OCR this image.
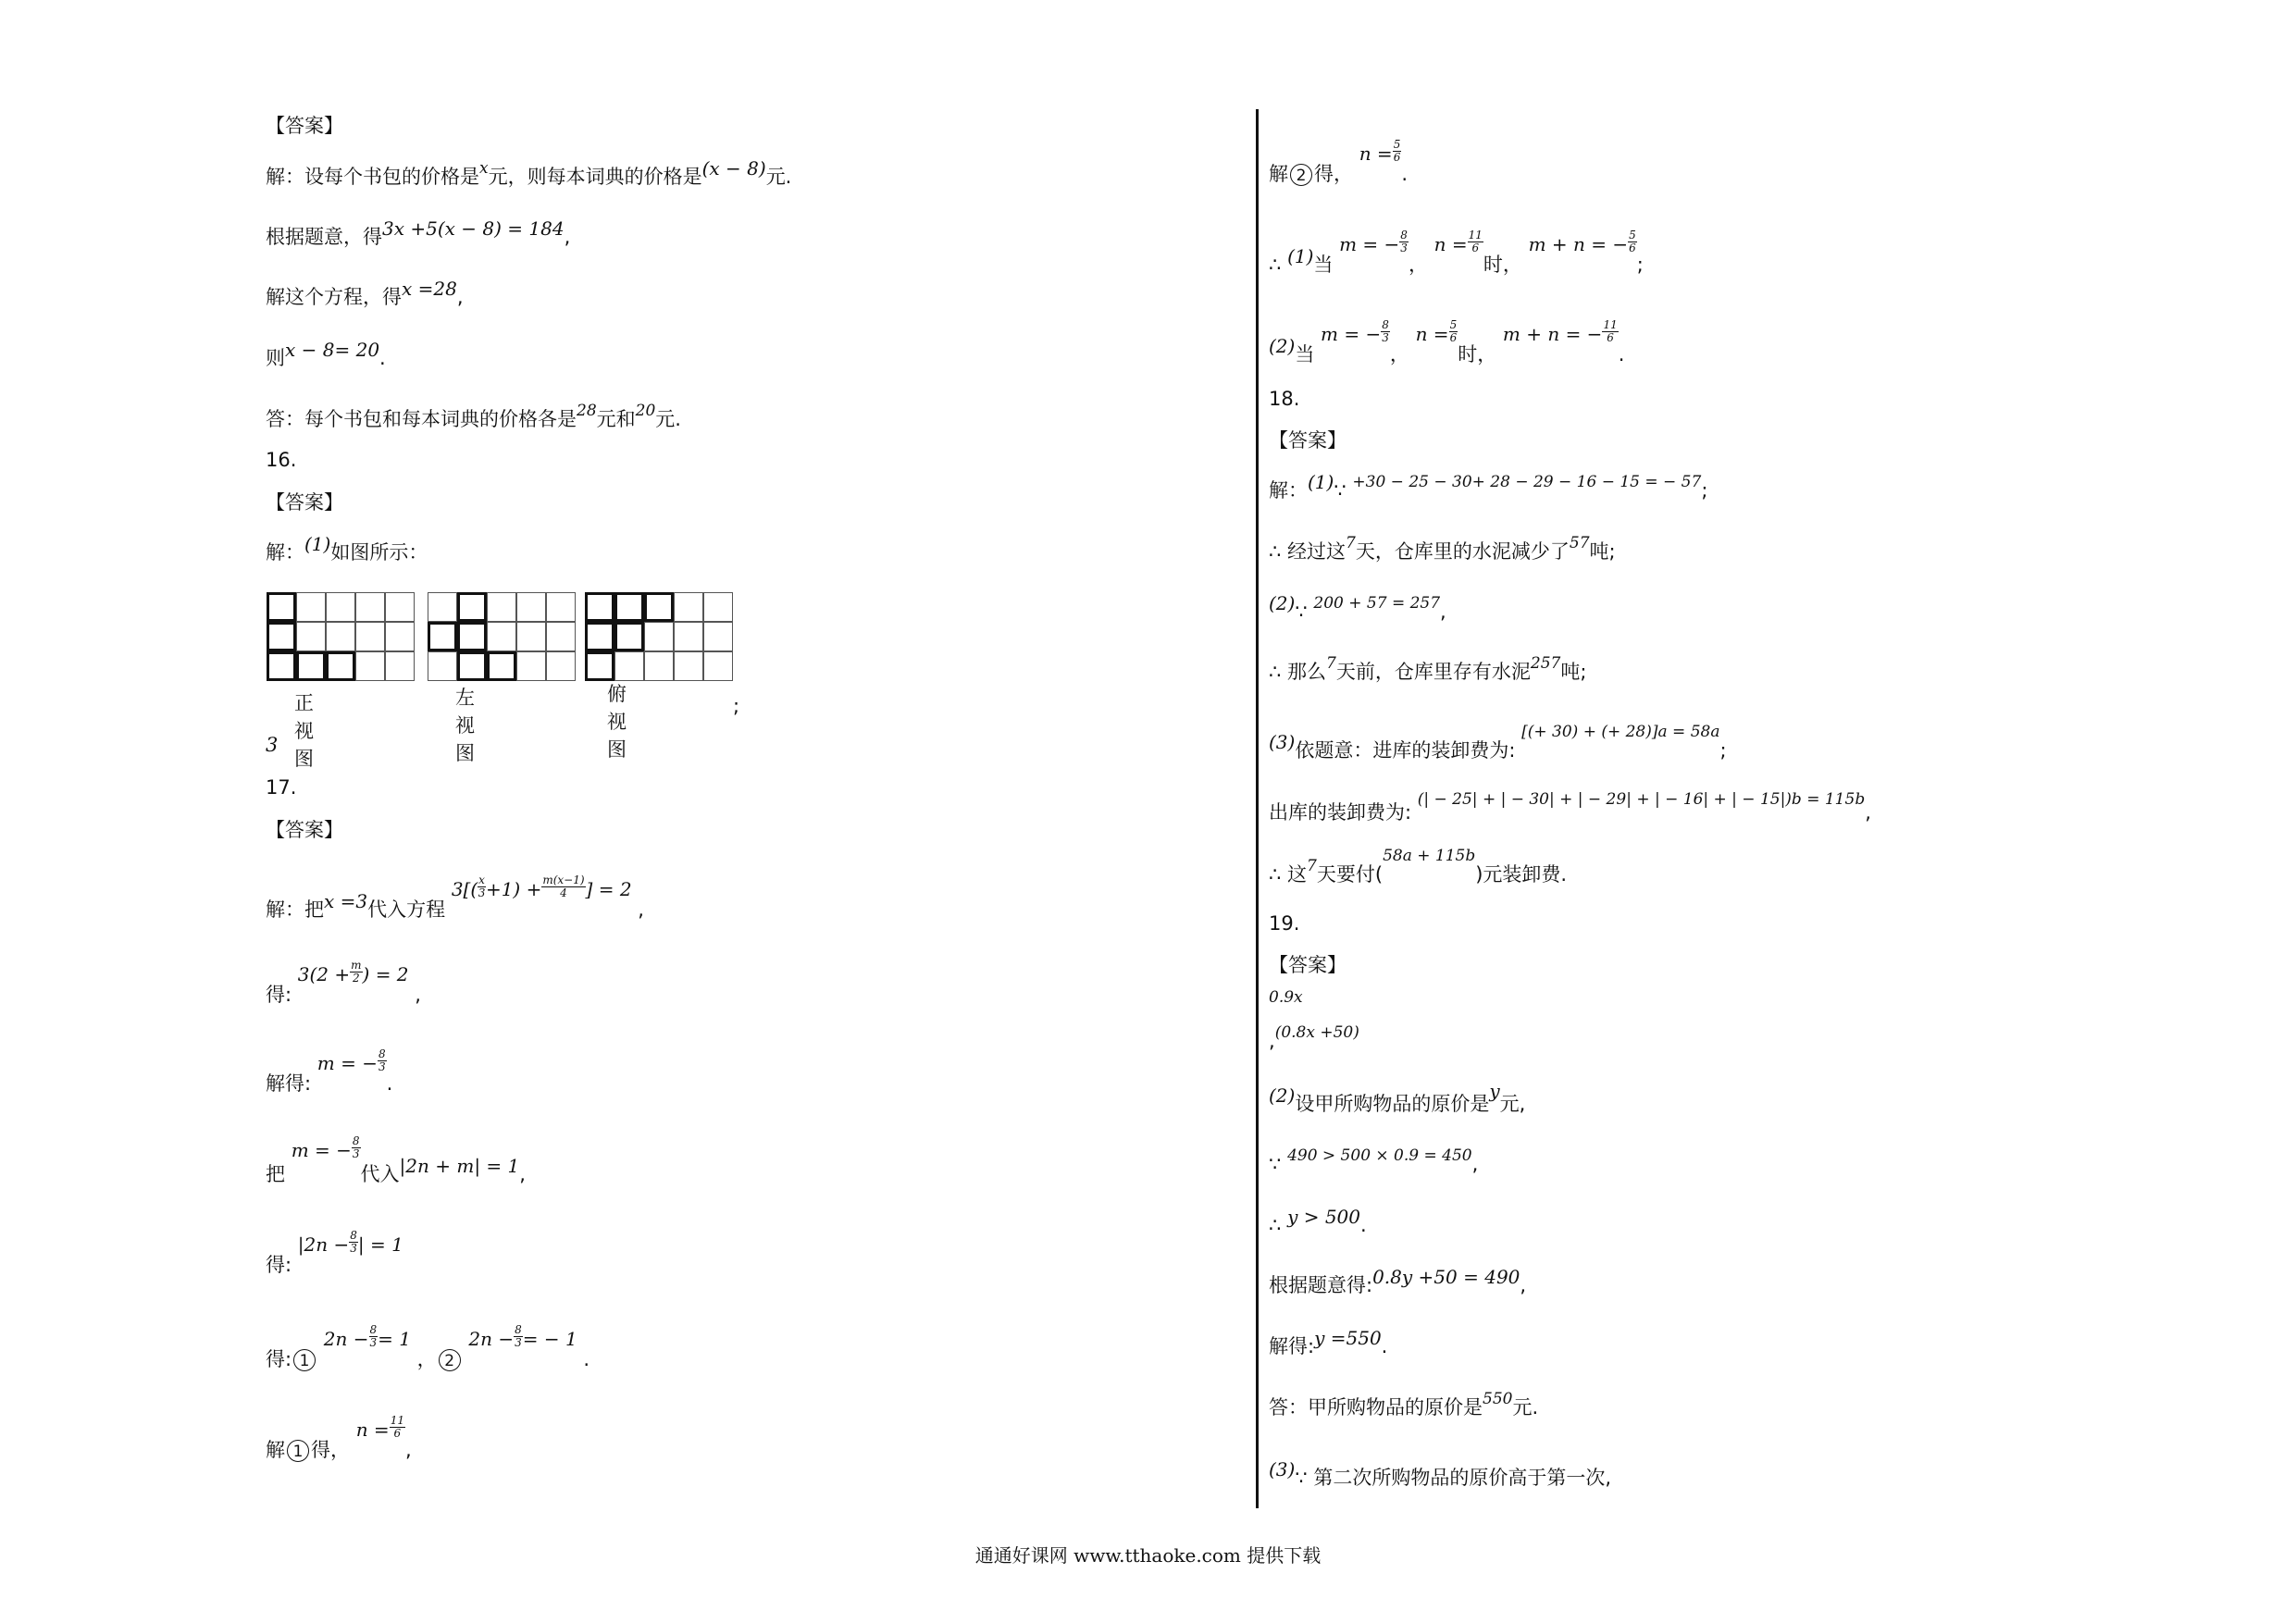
【答案】
解：设每个书包的价格是$^x$元，则每本词典的价格是(x − 8)元.
根据题意，得3x +5(x − 8) = 184,
解这个方程，得x =28,
则x − 8= 20.
答：每个书包和每本词典的价格各是$^{28}$元和$^{20}$元.
16.
【答案】
解：(1)如图所示：
正视图
左视图
俯视图
;
3
17.
【答案】
解：把x =3代入方程 $3[( \frac{x}{3} +1) + \frac{m(x-1)}{4}$ ] = 2 ,
得: $3(2 + \frac{m}{2}$ ) = 2 ,
解得: m = − $\frac{8}{3}$
.
把 m = − $\frac{8}{3}$
代入|2n + m| = 1,
得: $|2n - \frac{8}{3}$ | = 1
得: 1 $2n - \frac{8}{3} = 1$ ， 2 $2n - \frac{8}{3}$ = − 1 .
解 1 得， $n = \frac{11}{6}$
,
解 2 得， $n = \frac{5}{6}$
.
∴ (1)当 m = − $\frac{8}{3}$
， $n = \frac{11}{6}$
时， m + n = − $\frac{5}{6}$
;
(2)当 m = − $\frac{8}{3}$
， $n = \frac{5}{6}$
时， m + n = − $\frac{11}{6}$
.
18.
【答案】
解：(1)∵ $^{+30 - 25 - 30+ 28 - 29 - 16 - 15 = - 57}$;
∴ 经过这$^7$天，仓库里的水泥减少了$^{57}$吨;
(2)∵ $^{200 + 57 = 257}$,
∴ 那么$^7$天前，仓库里存有水泥$^{257}$吨;
(3)依题意：进库的装卸费为: $^{[(+ 30) + (+ 28)]a = 58a}$;
出库的装卸费为: $^{(| - 25| + | - 30| + | - 29| + | - 16| + | - 15|)b = 115b}$,
∴ 这$^7$天要付($^{58a + 115b}$)元装卸费.
19.
【答案】
0.9x
,$^{(0.8x +50)}$
(2)设甲所购物品的原价是y元,
∵ $^{490 > 500 \times 0.9 = 450}$,
∴ y > 500.
根据题意得:0.8y +50 = 490,
解得:y =550.
答：甲所购物品的原价是$^{550}$元.
(3)∵ 第二次所购物品的原价高于第一次,
通通好课网 www.tthaoke.com 提供下载
